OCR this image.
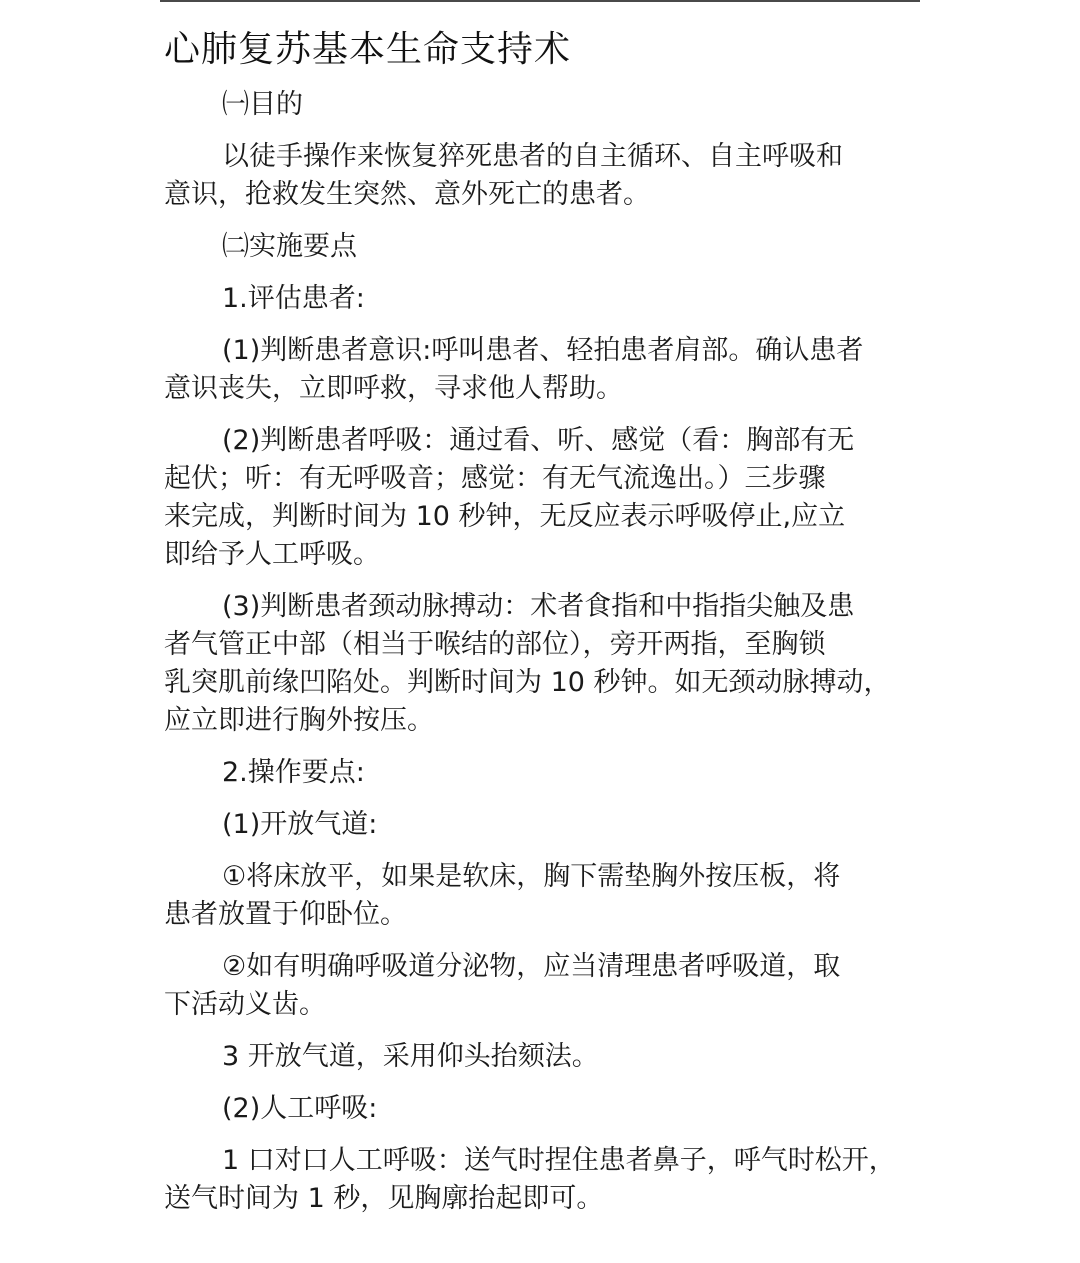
心肺复苏基本生命支持术
㈠目的
以徒手操作来恢复猝死患者的自主循环、自主呼吸和
意识，抢救发生突然、意外死亡的患者。
㈡实施要点
1.评估患者:
(1)判断患者意识:呼叫患者、轻拍患者肩部。确认患者
意识丧失，立即呼救，寻求他人帮助。
(2)判断患者呼吸：通过看、听、感觉（看：胸部有无
起伏；听：有无呼吸音；感觉：有无气流逸出。）三步骤
来完成，判断时间为 10 秒钟，无反应表示呼吸停止,应立
即给予人工呼吸。
(3)判断患者颈动脉搏动：术者食指和中指指尖触及患
者气管正中部（相当于喉结的部位），旁开两指，至胸锁
乳突肌前缘凹陷处。判断时间为 10 秒钟。如无颈动脉搏动，
应立即进行胸外按压。
2.操作要点:
(1)开放气道:
①将床放平，如果是软床，胸下需垫胸外按压板，将
患者放置于仰卧位。
②如有明确呼吸道分泌物，应当清理患者呼吸道，取
下活动义齿。
3 开放气道，采用仰头抬颏法。
(2)人工呼吸:
1 口对口人工呼吸：送气时捏住患者鼻子，呼气时松开，
送气时间为 1 秒，见胸廓抬起即可。
